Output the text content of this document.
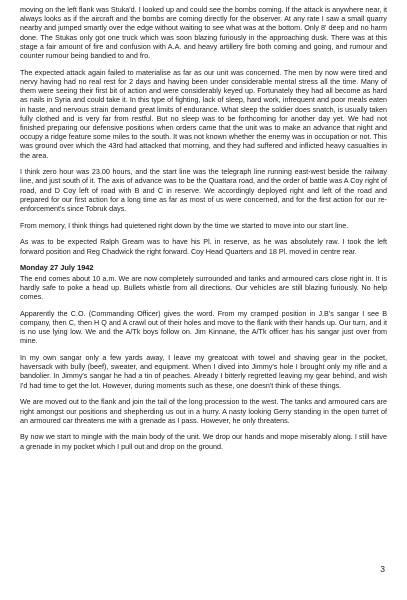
moving on the left flank was Stuka'd. I looked up and could see the bombs coming. If the attack is anywhere near, it always looks as if the aircraft and the bombs are coming directly for the observer. At any rate I saw a small quarry nearby and jumped smartly over the edge without waiting to see what was at the bottom. Only 8' deep and no harm done. The Stukas only got one truck which was soon blazing furiously in the approaching dusk. There was at this stage a fair amount of fire and confusion with A.A. and heavy artillery fire both coming and going, and rumour and counter rumour being bandied to and fro.

The expected attack again failed to materialise as far as our unit was concerned. The men by now were tired and nervy having had no real rest for 2 days and having been under considerable mental stress all the time. Many of them were seeing their first bit of action and were considerably keyed up. Fortunately they had all become as hard as nails in Syria and could take it. In this type of fighting, lack of sleep, hard work, infrequent and poor meals eaten in haste, and nervous strain demand great limits of endurance. What sleep the soldier does snatch, is usually taken fully clothed and is very far from restful. But no sleep was to be forthcoming for another day yet. We had not finished preparing our defensive positions when orders came that the unit was to make an advance that night and occupy a ridge feature some miles to the south. It was not known whether the enemy was in occupation or not. This was ground over which the 43rd had attacked that morning, and they had suffered and inflicted heavy casualties in the area.

I think zero hour was 23.00 hours, and the start line was the telegraph line running east-west beside the railway line, and just south of it. The axis of advance was to be the Quattara road, and the order of battle was A Coy right of road, and D Coy left of road with B and C in reserve. We accordingly deployed right and left of the road and prepared for our first action for a long time as far as most of us were concerned, and for the first action for our re-enforcement's since Tobruk days.

From memory, I think things had quietened right down by the time we started to move into our start line.

As was to be expected Ralph Gream was to have his Pl. in reserve, as he was absolutely raw. I took the left forward position and Reg Chadwick the right forward. Coy Head Quarters and 18 Pl. moved in centre rear.

Monday 27 July 1942

The end comes about 10 a.m. We are now completely surrounded and tanks and armoured cars close right in. It is hardly safe to poke a head up. Bullets whistle from all directions. Our vehicles are still blazing furiously. No help comes.

Apparently the C.O. (Commanding Officer) gives the word. From my cramped position in J.B's sangar I see B company, then C, then H Q and A crawl out of their holes and move to the flank with their hands up. Our turn, and it is no use lying low. We and the A/Tk boys follow on. Jim Kinnane, the A/Tk officer has his sangar just over from mine.

In my own sangar only a few yards away, I leave my greatcoat with towel and shaving gear in the pocket, haversack with bully (beef), sweater, and equipment. When I dived into Jimmy's hole I brought only my rifle and a bandolier. In Jimmy's sangar he had a tin of peaches. Already I bitterly regretted leaving my gear behind, and wish I'd had time to get the lot. However, during moments such as these, one doesn't think of these things.

We are moved out to the flank and join the tail of the long procession to the west. The tanks and armoured cars are right amongst our positions and shepherding us out in a hurry. A nasty looking Gerry standing in the open turret of an armoured car threatens me with a grenade as I pass. However, he only threatens.

By now we start to mingle with the main body of the unit. We drop our hands and mope miserably along. I still have a grenade in my pocket which I pull out and drop on the ground.

3
